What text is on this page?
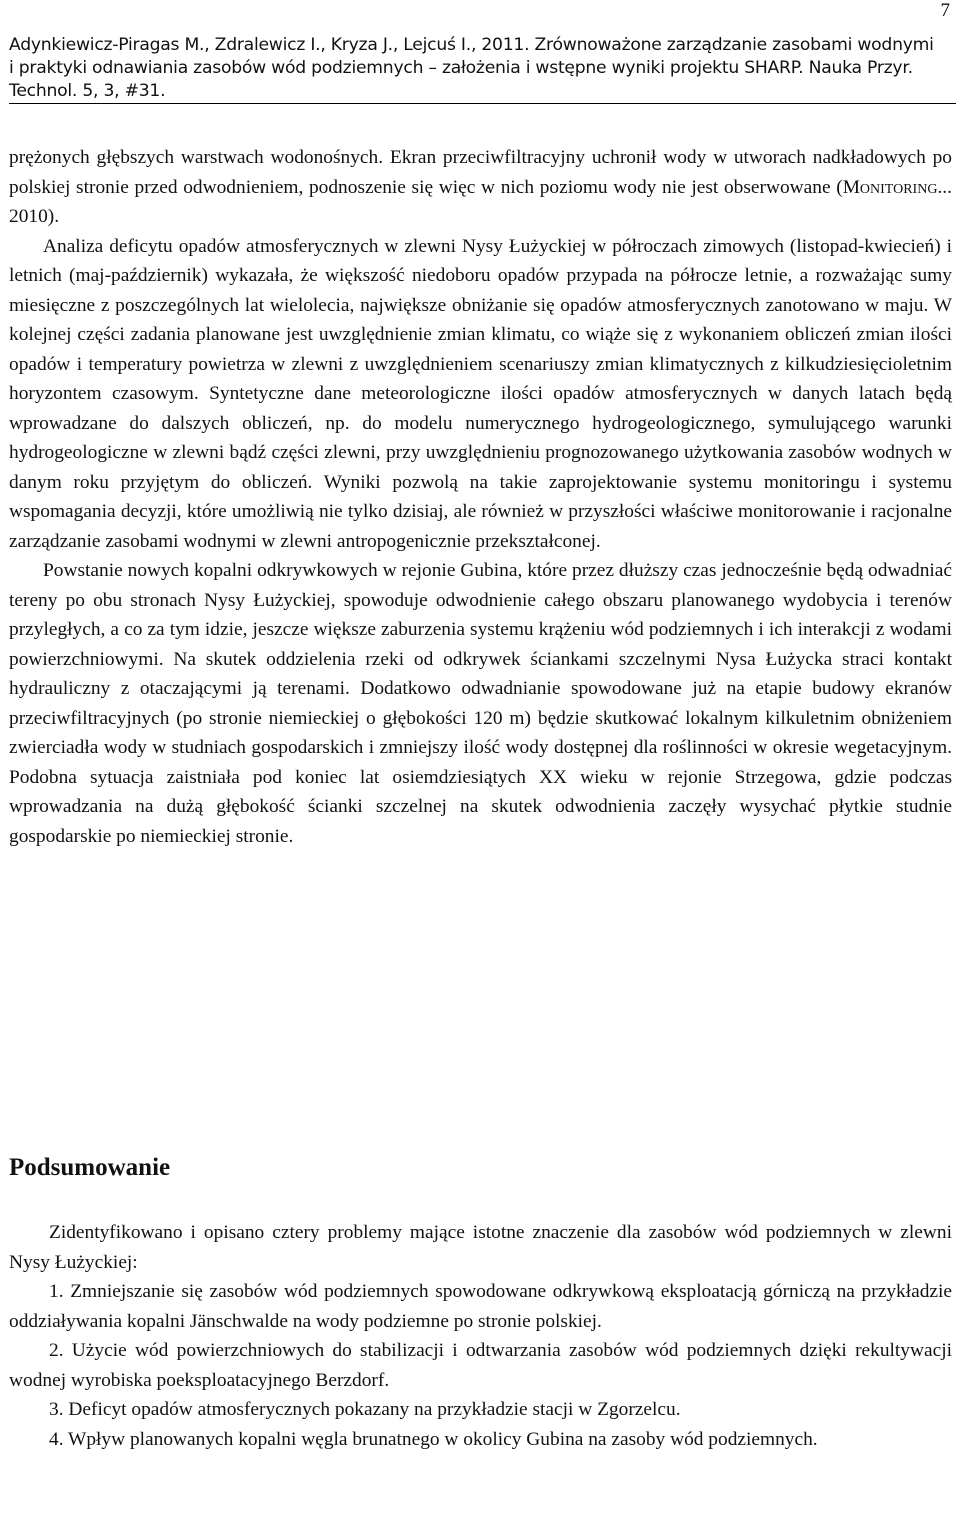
7
Adynkiewicz-Piragas M., Zdralewicz I., Kryza J., Lejcuś I., 2011. Zrównoważone zarządzanie zasobami wodnymi
i praktyki odnawiania zasobów wód podziemnych – założenia i wstępne wyniki projektu SHARP. Nauka Przyr.
Technol. 5, 3, #31.

prężonych głębszych warstwach wodonośnych. Ekran przeciwfiltracyjny uchronił wody w utworach nadkładowych po polskiej stronie przed odwodnieniem, podnoszenie się więc w nich poziomu wody nie jest obserwowane (Monitoring... 2010).

Analiza deficytu opadów atmosferycznych w zlewni Nysy Łużyckiej w półroczach zimowych (listopad-kwiecień) i letnich (maj-październik) wykazała, że większość niedoboru opadów przypada na półrocze letnie, a rozważając sumy miesięczne z poszczególnych lat wielolecia, największe obniżanie się opadów atmosferycznych zanotowano w maju. W kolejnej części zadania planowane jest uwzględnienie zmian klimatu, co wiąże się z wykonaniem obliczeń zmian ilości opadów i temperatury powietrza w zlewni z uwzględnieniem scenariuszy zmian klimatycznych z kilkudziesięcioletnim horyzontem czasowym. Syntetyczne dane meteorologiczne ilości opadów atmosferycznych w danych latach będą wprowadzane do dalszych obliczeń, np. do modelu numerycznego hydrogeologicznego, symulującego warunki hydrogeologiczne w zlewni bądź części zlewni, przy uwzględnieniu prognozowanego użytkowania zasobów wodnych w danym roku przyjętym do obliczeń. Wyniki pozwolą na takie zaprojektowanie systemu monitoringu i systemu wspomagania decyzji, które umożliwią nie tylko dzisiaj, ale również w przyszłości właściwe monitorowanie i racjonalne zarządzanie zasobami wodnymi w zlewni antropogenicznie przekształconej.

Powstanie nowych kopalni odkrywkowych w rejonie Gubina, które przez dłuższy czas jednocześnie będą odwadniać tereny po obu stronach Nysy Łużyckiej, spowoduje odwodnienie całego obszaru planowanego wydobycia i terenów przyległych, a co za tym idzie, jeszcze większe zaburzenia systemu krążeniu wód podziemnych i ich interakcji z wodami powierzchniowymi. Na skutek oddzielenia rzeki od odkrywek ściankami szczelnymi Nysa Łużycka straci kontakt hydrauliczny z otaczającymi ją terenami. Dodatkowo odwadnianie spowodowane już na etapie budowy ekranów przeciwfiltracyjnych (po stronie niemieckiej o głębokości 120 m) będzie skutkować lokalnym kilkuletnim obniżeniem zwierciadła wody w studniach gospodarskich i zmniejszy ilość wody dostępnej dla roślinności w okresie wegetacyjnym. Podobna sytuacja zaistniała pod koniec lat osiemdziesiątych XX wieku w rejonie Strzegowa, gdzie podczas wprowadzania na dużą głębokość ścianki szczelnej na skutek odwodnienia zaczęły wysychać płytkie studnie gospodarskie po niemieckiej stronie.

Podsumowanie

Zidentyfikowano i opisano cztery problemy mające istotne znaczenie dla zasobów wód podziemnych w zlewni Nysy Łużyckiej:

1. Zmniejszanie się zasobów wód podziemnych spowodowane odkrywkową eksploatacją górniczą na przykładzie oddziaływania kopalni Jänschwalde na wody podziemne po stronie polskiej.

2. Użycie wód powierzchniowych do stabilizacji i odtwarzania zasobów wód podziemnych dzięki rekultywacji wodnej wyrobiska poeksploatacyjnego Berzdorf.

3. Deficyt opadów atmosferycznych pokazany na przykładzie stacji w Zgorzelcu.

4. Wpływ planowanych kopalni węgla brunatnego w okolicy Gubina na zasoby wód podziemnych.
